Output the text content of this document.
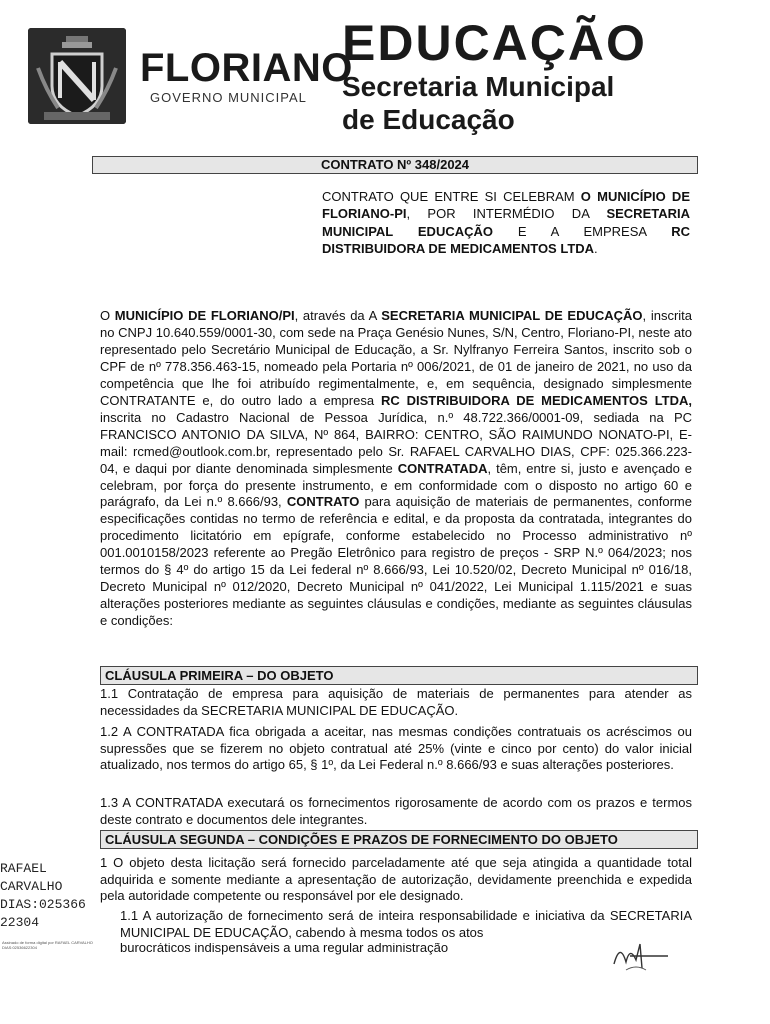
FLORIANO
GOVERNO MUNICIPAL
EDUCAÇÃO
Secretaria Municipal
de Educação
CONTRATO Nº 348/2024
CONTRATO QUE ENTRE SI CELEBRAM O MUNICÍPIO DE FLORIANO-PI, POR INTERMÉDIO DA SECRETARIA MUNICIPAL EDUCAÇÃO E A EMPRESA RC DISTRIBUIDORA DE MEDICAMENTOS LTDA.
O MUNICÍPIO DE FLORIANO/PI, através da A SECRETARIA MUNICIPAL DE EDUCAÇÃO, inscrita no CNPJ 10.640.559/0001-30, com sede na Praça Genésio Nunes, S/N, Centro, Floriano-PI, neste ato representado pelo Secretário Municipal de Educação, a Sr. Nylfranyo Ferreira Santos, inscrito sob o CPF de nº 778.356.463-15, nomeado pela Portaria nº 006/2021, de 01 de janeiro de 2021, no uso da competência que lhe foi atribuído regimentalmente, e, em sequência, designado simplesmente CONTRATANTE e, do outro lado a empresa RC DISTRIBUIDORA DE MEDICAMENTOS LTDA, inscrita no Cadastro Nacional de Pessoa Jurídica, n.º 48.722.366/0001-09, sediada na PC FRANCISCO ANTONIO DA SILVA, Nº 864, BAIRRO: CENTRO, SÃO RAIMUNDO NONATO-PI, E-mail: rcmed@outlook.com.br, representado pelo Sr. RAFAEL CARVALHO DIAS, CPF: 025.366.223-04, e daqui por diante denominada simplesmente CONTRATADA, têm, entre si, justo e avençado e celebram, por força do presente instrumento, e em conformidade com o disposto no artigo 60 e parágrafo, da Lei n.º 8.666/93, CONTRATO para aquisição de materiais de permanentes, conforme especificações contidas no termo de referência e edital, e da proposta da contratada, integrantes do procedimento licitatório em epígrafe, conforme estabelecido no Processo administrativo nº 001.0010158/2023 referente ao Pregão Eletrônico para registro de preços - SRP N.º 064/2023; nos termos do § 4º do artigo 15 da Lei federal nº 8.666/93, Lei 10.520/02, Decreto Municipal nº 016/18, Decreto Municipal nº 012/2020, Decreto Municipal nº 041/2022, Lei Municipal 1.115/2021 e suas alterações posteriores mediante as seguintes cláusulas e condições, mediante as seguintes cláusulas e condições:
CLÁUSULA PRIMEIRA – DO OBJETO
1.1 Contratação de empresa para aquisição de materiais de permanentes para atender as necessidades da SECRETARIA MUNICIPAL DE EDUCAÇÃO.
1.2 A CONTRATADA fica obrigada a aceitar, nas mesmas condições contratuais os acréscimos ou supressões que se fizerem no objeto contratual até 25% (vinte e cinco por cento) do valor inicial atualizado, nos termos do artigo 65, § 1º, da Lei Federal n.º 8.666/93 e suas alterações posteriores.
1.3 A CONTRATADA executará os fornecimentos rigorosamente de acordo com os prazos e termos deste contrato e documentos dele integrantes.
CLÁUSULA SEGUNDA – CONDIÇÕES E PRAZOS DE FORNECIMENTO DO OBJETO
1 O objeto desta licitação será fornecido parceladamente até que seja atingida a quantidade total adquirida e somente mediante a apresentação de autorização, devidamente preenchida e expedida pela autoridade competente ou responsável por ele designado.
1.1 A autorização de fornecimento será de inteira responsabilidade e iniciativa da SECRETARIA MUNICIPAL DE EDUCAÇÃO, cabendo à mesma todos os atos
burocráticos indispensáveis a uma regular administração
RAFAEL
CARVALHO
DIAS:025366
22304
Assinado de forma digital por RAFAEL CARVALHO DIAS:02536622304
